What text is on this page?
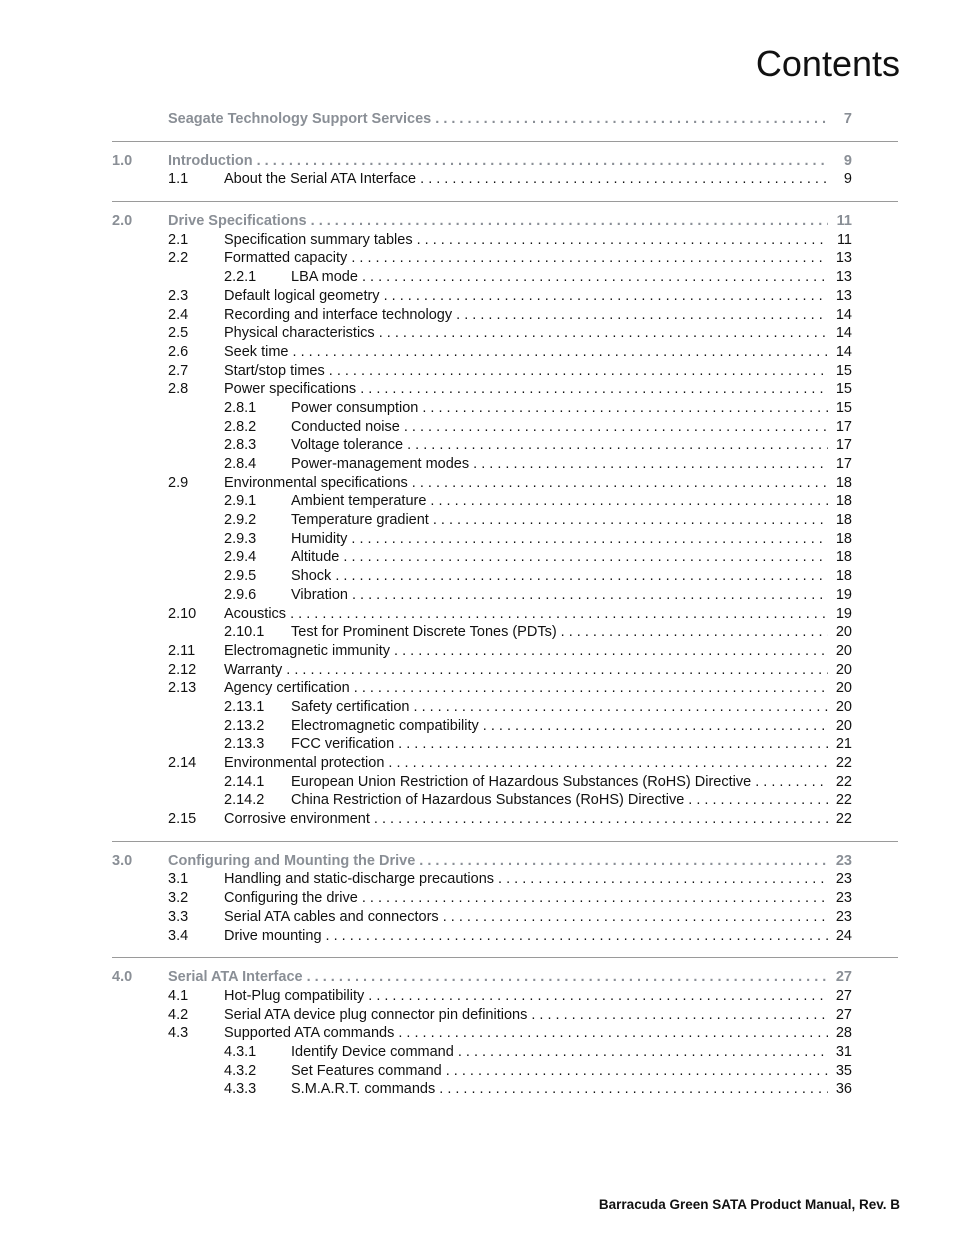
Contents
Seagate Technology Support Services . . .	7
1.0 Introduction . . .	9
1.1 About the Serial ATA Interface . . .	9
2.0 Drive Specifications . . .	11
2.1 Specification summary tables . . .	11
2.2 Formatted capacity . . .	13
2.2.1 LBA mode . . .	13
2.3 Default logical geometry . . .	13
2.4 Recording and interface technology . . .	14
2.5 Physical characteristics . . .	14
2.6 Seek time . . .	14
2.7 Start/stop times . . .	15
2.8 Power specifications . . .	15
2.8.1 Power consumption . . .	15
2.8.2 Conducted noise . . .	17
2.8.3 Voltage tolerance . . .	17
2.8.4 Power-management modes . . .	17
2.9 Environmental specifications . . .	18
2.9.1 Ambient temperature . . .	18
2.9.2 Temperature gradient . . .	18
2.9.3 Humidity . . .	18
2.9.4 Altitude . . .	18
2.9.5 Shock . . .	18
2.9.6 Vibration . . .	19
2.10 Acoustics . . .	19
2.10.1 Test for Prominent Discrete Tones (PDTs) . . .	20
2.11 Electromagnetic immunity . . .	20
2.12 Warranty . . .	20
2.13 Agency certification . . .	20
2.13.1 Safety certification . . .	20
2.13.2 Electromagnetic compatibility . . .	20
2.13.3 FCC verification . . .	21
2.14 Environmental protection . . .	22
2.14.1 European Union Restriction of Hazardous Substances (RoHS) Directive . . .	22
2.14.2 China Restriction of Hazardous Substances (RoHS) Directive . . .	22
2.15 Corrosive environment . . .	22
3.0 Configuring and Mounting the Drive . . .	23
3.1 Handling and static-discharge precautions . . .	23
3.2 Configuring the drive . . .	23
3.3 Serial ATA cables and connectors . . .	23
3.4 Drive mounting . . .	24
4.0 Serial ATA Interface . . .	27
4.1 Hot-Plug compatibility . . .	27
4.2 Serial ATA device plug connector pin definitions . . .	27
4.3 Supported ATA commands . . .	28
4.3.1 Identify Device command . . .	31
4.3.2 Set Features command . . .	35
4.3.3 S.M.A.R.T. commands . . .	36
Barracuda Green SATA Product Manual, Rev. B
